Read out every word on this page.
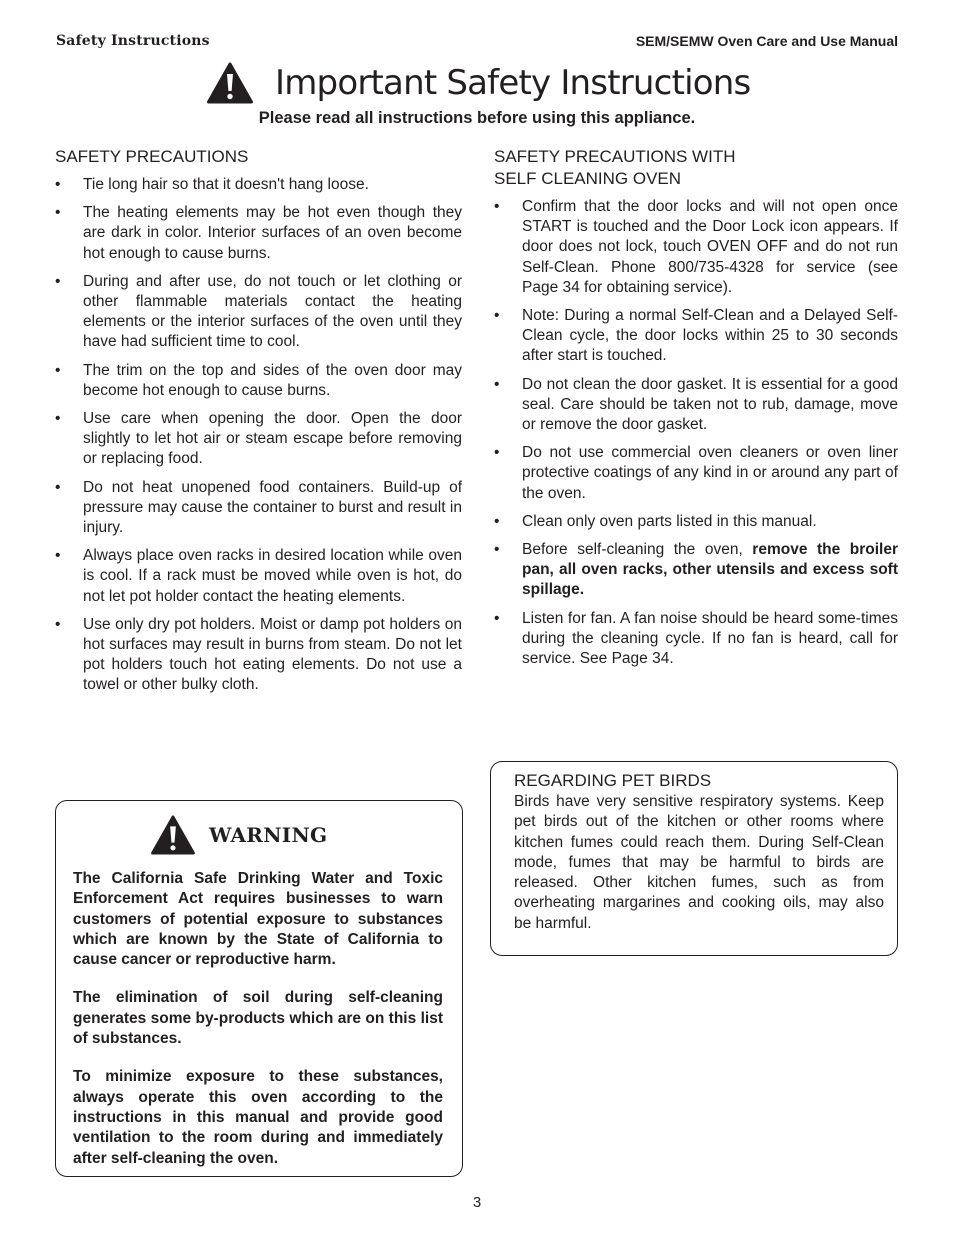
Safety Instructions	SEM/SEMW Oven Care and Use Manual
Important Safety Instructions
Please read all instructions before using this appliance.
SAFETY PRECAUTIONS
• Tie long hair so that it doesn't hang loose.
• The heating elements may be hot even though they are dark in color. Interior surfaces of an oven become hot enough to cause burns.
• During and after use, do not touch or let clothing or other flammable materials contact the heating elements or the interior surfaces of the oven until they have had sufficient time to cool.
• The trim on the top and sides of the oven door may become hot enough to cause burns.
• Use care when opening the door. Open the door slightly to let hot air or steam escape before removing or replacing food.
• Do not heat unopened food containers. Build-up of pressure may cause the container to burst and result in injury.
• Always place oven racks in desired location while oven is cool. If a rack must be moved while oven is hot, do not let pot holder contact the heating elements.
• Use only dry pot holders. Moist or damp pot holders on hot surfaces may result in burns from steam. Do not let pot holders touch hot eating elements. Do not use a towel or other bulky cloth.
SAFETY PRECAUTIONS WITH
SELF CLEANING OVEN
• Confirm that the door locks and will not open once START is touched and the Door Lock icon appears. If door does not lock, touch OVEN OFF and do not run Self-Clean. Phone 800/735-4328 for service (see Page 34 for obtaining service).
• Note: During a normal Self-Clean and a Delayed Self-Clean cycle, the door locks within 25 to 30 seconds after start is touched.
• Do not clean the door gasket. It is essential for a good seal. Care should be taken not to rub, damage, move or remove the door gasket.
• Do not use commercial oven cleaners or oven liner protective coatings of any kind in or around any part of the oven.
• Clean only oven parts listed in this manual.
• Before self-cleaning the oven, remove the broiler pan, all oven racks, other utensils and excess soft spillage.
• Listen for fan. A fan noise should be heard some-times during the cleaning cycle. If no fan is heard, call for service. See Page 34.
REGARDING PET BIRDS
Birds have very sensitive respiratory systems. Keep pet birds out of the kitchen or other rooms where kitchen fumes could reach them. During Self-Clean mode, fumes that may be harmful to birds are released. Other kitchen fumes, such as from overheating margarines and cooking oils, may also be harmful.
WARNING

The California Safe Drinking Water and Toxic Enforcement Act requires businesses to warn customers of potential exposure to substances which are known by the State of California to cause cancer or reproductive harm.

The elimination of soil during self-cleaning generates some by-products which are on this list of substances.

To minimize exposure to these substances, always operate this oven according to the instructions in this manual and provide good ventilation to the room during and immediately after self-cleaning the oven.

3
